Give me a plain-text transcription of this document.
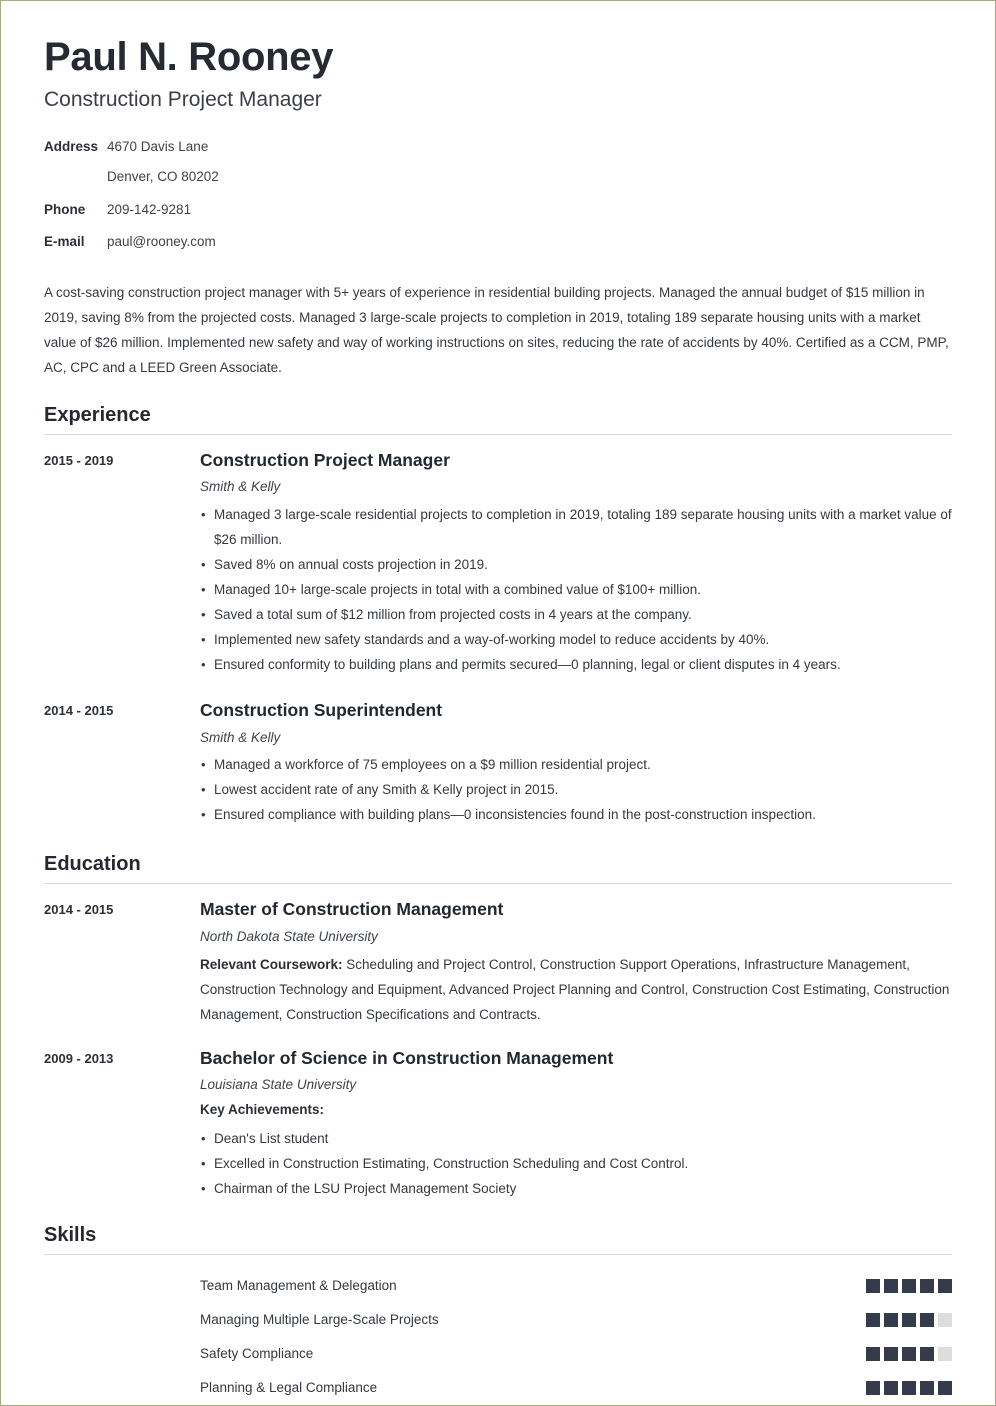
Paul N. Rooney
Construction Project Manager
Address 4670 Davis Lane
Denver, CO 80202
Phone	209-142-9281
E-mail	paul@rooney.com
A cost-saving construction project manager with 5+ years of experience in residential building projects. Managed the annual budget of $15 million in 2019, saving 8% from the projected costs. Managed 3 large-scale projects to completion in 2019, totaling 189 separate housing units with a market value of $26 million. Implemented new safety and way of working instructions on sites, reducing the rate of accidents by 40%. Certified as a CCM, PMP, AC, CPC and a LEED Green Associate.
Experience
2015 - 2019	Construction Project Manager
Smith & Kelly
• Managed 3 large-scale residential projects to completion in 2019, totaling 189 separate housing units with a market value of $26 million.
• Saved 8% on annual costs projection in 2019.
• Managed 10+ large-scale projects in total with a combined value of $100+ million.
• Saved a total sum of $12 million from projected costs in 4 years at the company.
• Implemented new safety standards and a way-of-working model to reduce accidents by 40%.
• Ensured conformity to building plans and permits secured—0 planning, legal or client disputes in 4 years.
2014 - 2015	Construction Superintendent
Smith & Kelly
• Managed a workforce of 75 employees on a $9 million residential project.
• Lowest accident rate of any Smith & Kelly project in 2015.
• Ensured compliance with building plans—0 inconsistencies found in the post-construction inspection.
Education
2014 - 2015	Master of Construction Management
North Dakota State University
Relevant Coursework: Scheduling and Project Control, Construction Support Operations, Infrastructure Management, Construction Technology and Equipment, Advanced Project Planning and Control, Construction Cost Estimating, Construction Management, Construction Specifications and Contracts.
2009 - 2013	Bachelor of Science in Construction Management
Louisiana State University
Key Achievements:
• Dean's List student
• Excelled in Construction Estimating, Construction Scheduling and Cost Control.
• Chairman of the LSU Project Management Society
Skills
Team Management & Delegation
Managing Multiple Large-Scale Projects
Safety Compliance
Planning & Legal Compliance
